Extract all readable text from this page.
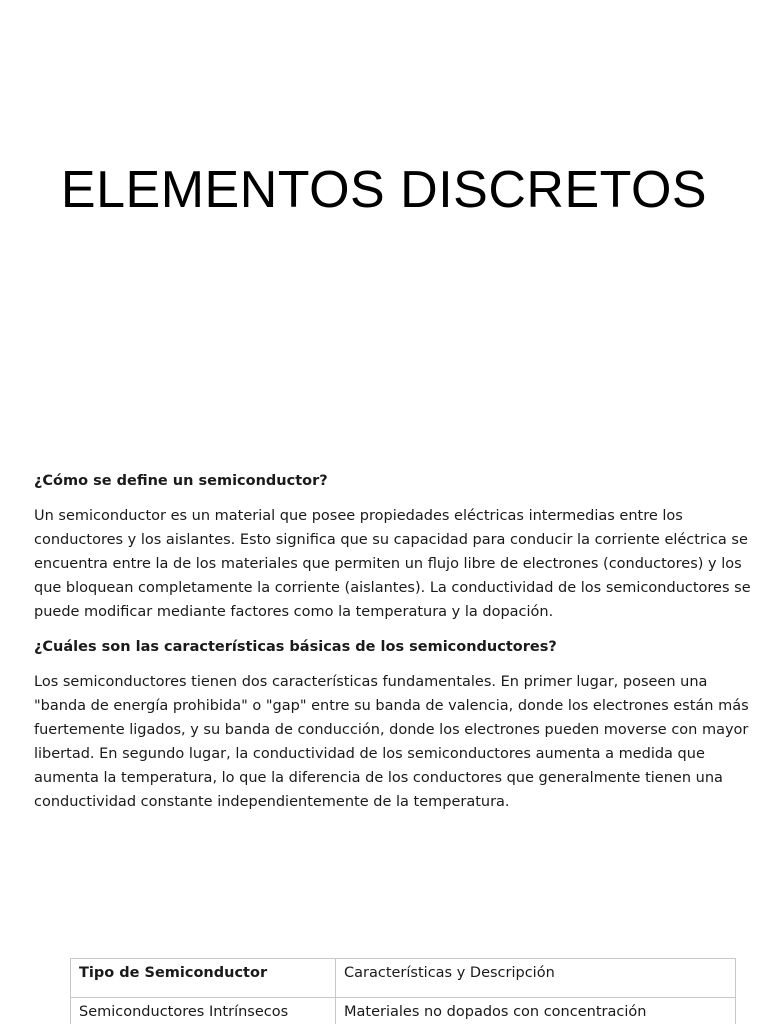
ELEMENTOS DISCRETOS
¿Cómo se define un semiconductor?
Un semiconductor es un material que posee propiedades eléctricas intermedias entre los conductores y los aislantes. Esto significa que su capacidad para conducir la corriente eléctrica se encuentra entre la de los materiales que permiten un flujo libre de electrones (conductores) y los que bloquean completamente la corriente (aislantes). La conductividad de los semiconductores se puede modificar mediante factores como la temperatura y la dopación.
¿Cuáles son las características básicas de los semiconductores?
Los semiconductores tienen dos características fundamentales. En primer lugar, poseen una "banda de energía prohibida" o "gap" entre su banda de valencia, donde los electrones están más fuertemente ligados, y su banda de conducción, donde los electrones pueden moverse con mayor libertad. En segundo lugar, la conductividad de los semiconductores aumenta a medida que aumenta la temperatura, lo que la diferencia de los conductores que generalmente tienen una conductividad constante independientemente de la temperatura.
Tipo de Semiconductor	Características y Descripción
Semiconductores Intrínsecos	Materiales no dopados con concentración
